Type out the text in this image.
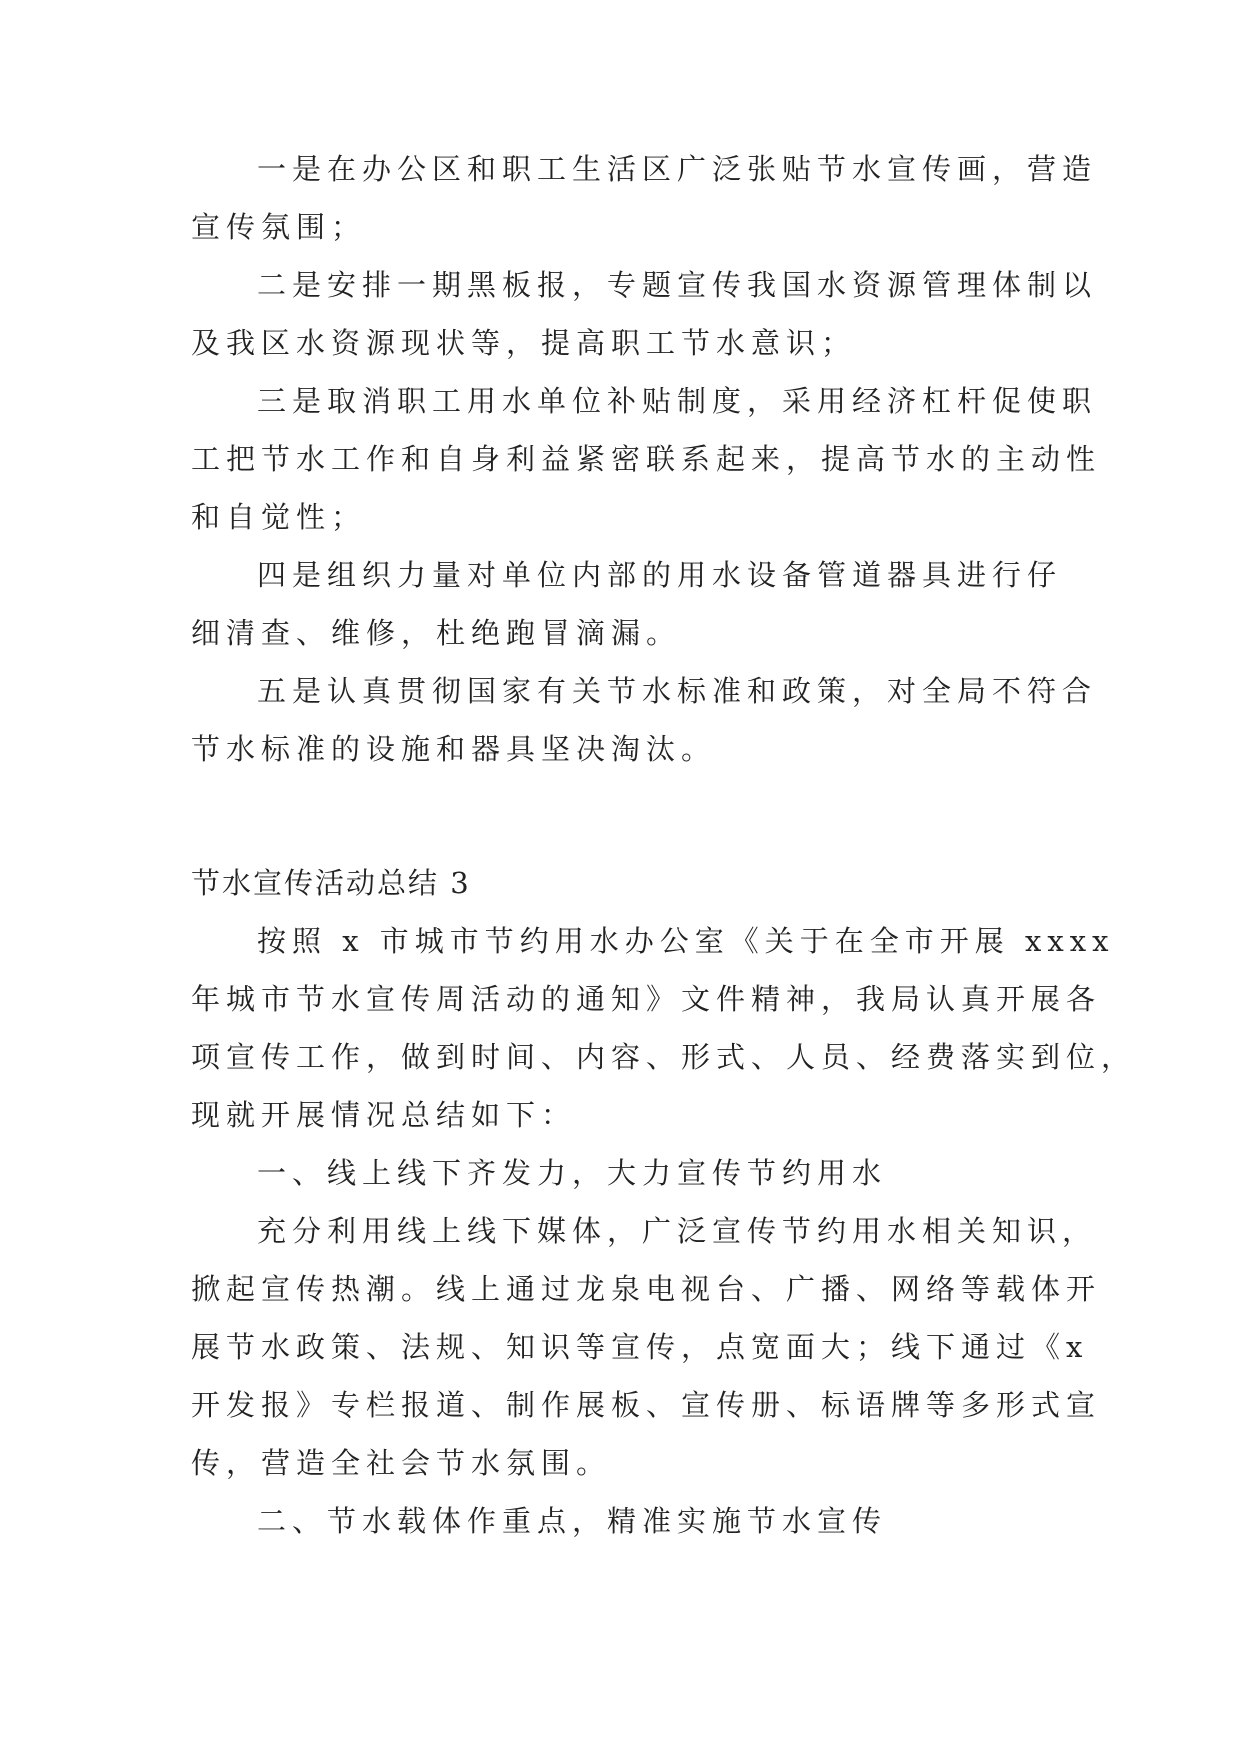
一是在办公区和职工生活区广泛张贴节水宣传画，营造
宣传氛围；
二是安排一期黑板报，专题宣传我国水资源管理体制以
及我区水资源现状等，提高职工节水意识；
三是取消职工用水单位补贴制度，采用经济杠杆促使职
工把节水工作和自身利益紧密联系起来，提高节水的主动性
和自觉性；
四是组织力量对单位内部的用水设备管道器具进行仔
细清查、维修，杜绝跑冒滴漏。
五是认真贯彻国家有关节水标准和政策，对全局不符合
节水标准的设施和器具坚决淘汰。
节水宣传活动总结 3
按照 x 市城市节约用水办公室《关于在全市开展 xxxx
年城市节水宣传周活动的通知》文件精神，我局认真开展各
项宣传工作，做到时间、内容、形式、人员、经费落实到位，
现就开展情况总结如下：
一、线上线下齐发力，大力宣传节约用水
充分利用线上线下媒体，广泛宣传节约用水相关知识，
掀起宣传热潮。线上通过龙泉电视台、广播、网络等载体开
展节水政策、法规、知识等宣传，点宽面大；线下通过《x
开发报》专栏报道、制作展板、宣传册、标语牌等多形式宣
传，营造全社会节水氛围。
二、节水载体作重点，精准实施节水宣传
